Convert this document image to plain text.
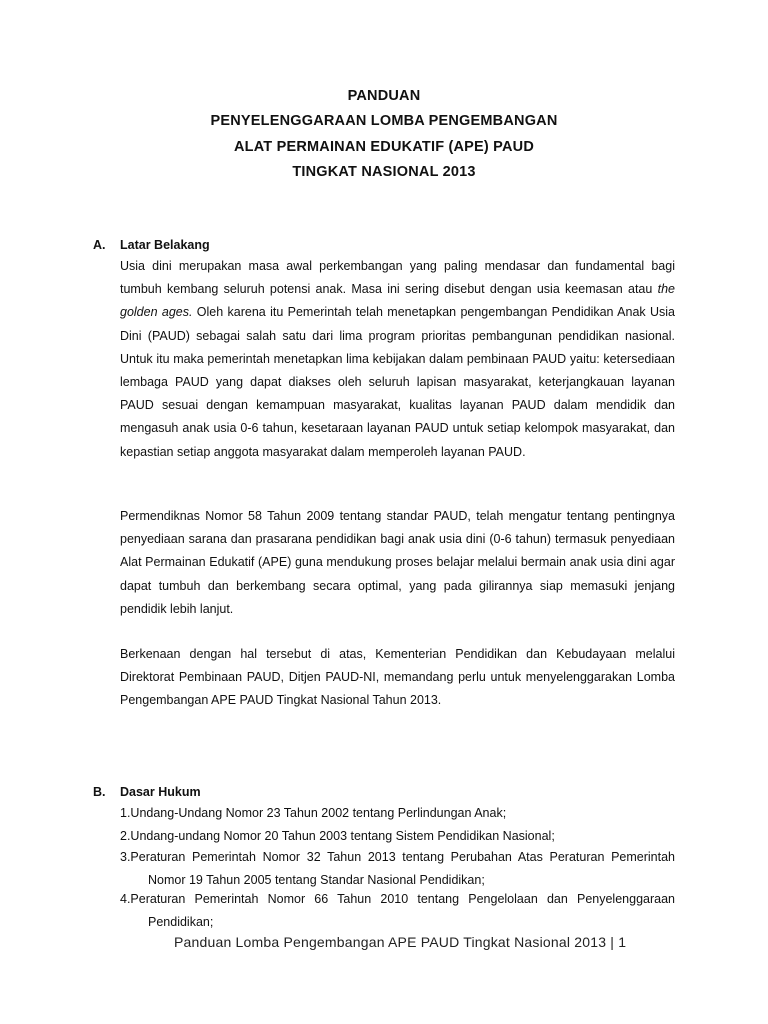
PANDUAN
PENYELENGGARAAN LOMBA PENGEMBANGAN
ALAT PERMAINAN EDUKATIF (APE) PAUD
TINGKAT NASIONAL 2013
A. Latar Belakang

Usia dini merupakan masa awal perkembangan yang paling mendasar dan fundamental bagi tumbuh kembang seluruh potensi anak. Masa ini sering disebut dengan usia keemasan atau the golden ages. Oleh karena itu Pemerintah telah menetapkan pengembangan Pendidikan Anak Usia Dini (PAUD) sebagai salah satu dari lima program prioritas pembangunan pendidikan nasional. Untuk itu maka pemerintah menetapkan lima kebijakan dalam pembinaan PAUD yaitu: ketersediaan lembaga PAUD yang dapat diakses oleh seluruh lapisan masyarakat, keterjangkauan layanan PAUD sesuai dengan kemampuan masyarakat, kualitas layanan PAUD dalam mendidik dan mengasuh anak usia 0-6 tahun, kesetaraan layanan PAUD untuk setiap kelompok masyarakat, dan kepastian setiap anggota masyarakat dalam memperoleh layanan PAUD.

Permendiknas Nomor 58 Tahun 2009 tentang standar PAUD, telah mengatur tentang pentingnya penyediaan sarana dan prasarana pendidikan bagi anak usia dini (0-6 tahun) termasuk penyediaan Alat Permainan Edukatif (APE) guna mendukung proses belajar melalui bermain anak usia dini agar dapat tumbuh dan berkembang secara optimal, yang pada gilirannya siap memasuki jenjang pendidik lebih lanjut.

Berkenaan dengan hal tersebut di atas, Kementerian Pendidikan dan Kebudayaan melalui Direktorat Pembinaan PAUD, Ditjen PAUD-NI, memandang perlu untuk menyelenggarakan Lomba Pengembangan APE PAUD Tingkat Nasional Tahun 2013.

B. Dasar Hukum

1.Undang-Undang Nomor 23 Tahun 2002 tentang Perlindungan Anak;

2.Undang-undang Nomor 20 Tahun 2003 tentang Sistem Pendidikan Nasional;

3.Peraturan Pemerintah Nomor 32 Tahun 2013 tentang Perubahan Atas Peraturan Pemerintah Nomor 19 Tahun 2005 tentang Standar Nasional Pendidikan;

4.Peraturan Pemerintah Nomor 66 Tahun 2010 tentang Pengelolaan dan Penyelenggaraan Pendidikan;

Panduan Lomba Pengembangan APE PAUD Tingkat Nasional 2013 | 1
